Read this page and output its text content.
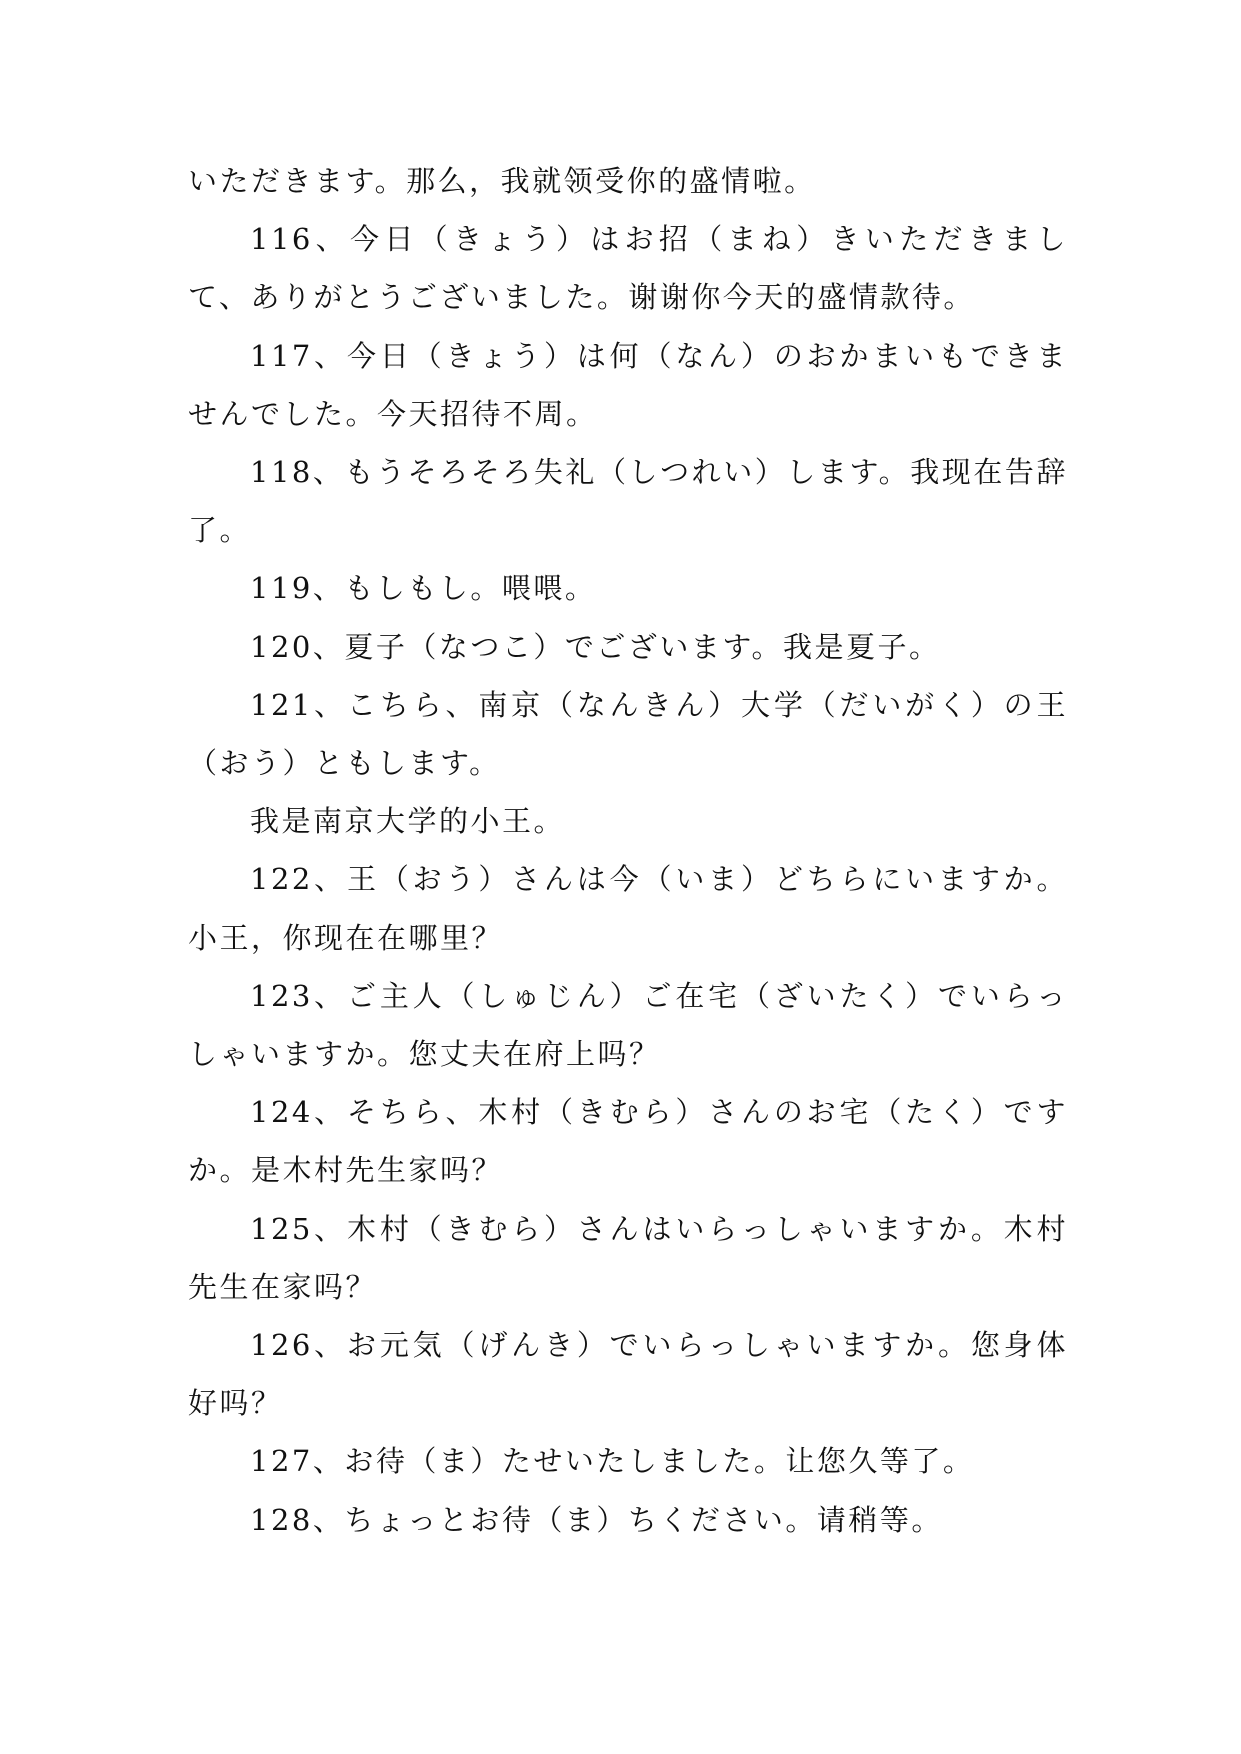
いただきます。那么，我就领受你的盛情啦。

116、今日（きょう）はお招（まね）きいただきまして、ありがとうございました。谢谢你今天的盛情款待。

117、今日（きょう）は何（なん）のおかまいもできませんでした。今天招待不周。

118、もうそろそろ失礼（しつれい）します。我现在告辞了。

119、もしもし。喂喂。

120、夏子（なつこ）でございます。我是夏子。

121、こちら、南京（なんきん）大学（だいがく）の王（おう）ともします。

我是南京大学的小王。

122、王（おう）さんは今（いま）どちらにいますか。小王，你现在在哪里？

123、ご主人（しゅじん）ご在宅（ざいたく）でいらっしゃいますか。您丈夫在府上吗？

124、そちら、木村（きむら）さんのお宅（たく）ですか。是木村先生家吗？

125、木村（きむら）さんはいらっしゃいますか。木村先生在家吗？

126、お元気（げんき）でいらっしゃいますか。您身体好吗？

127、お待（ま）たせいたしました。让您久等了。

128、ちょっとお待（ま）ちください。请稍等。
